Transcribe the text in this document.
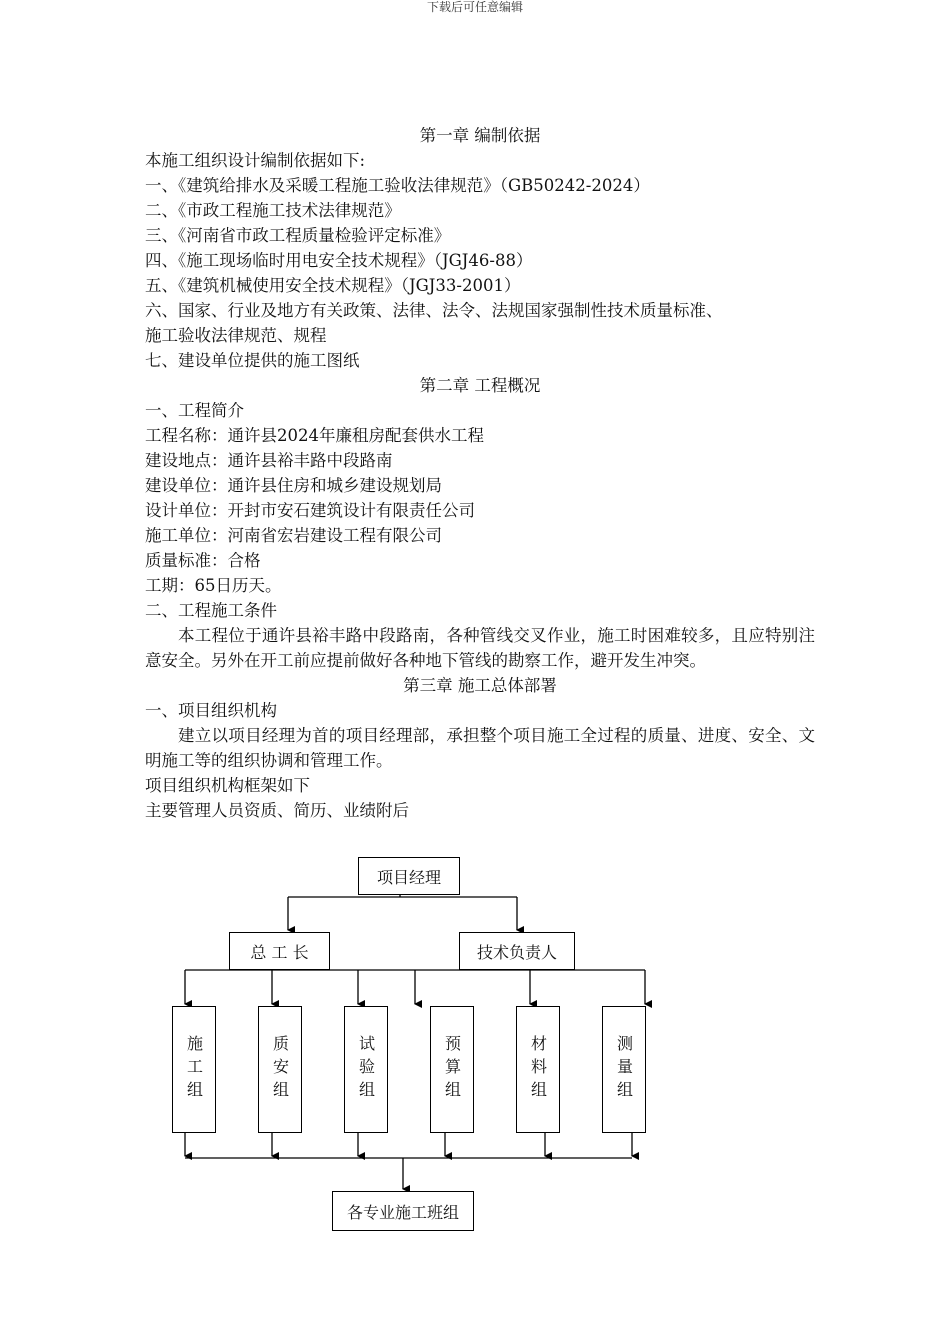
下载后可任意编辑

第一章 编制依据

本施工组织设计编制依据如下:

一、《建筑给排水及采暖工程施工验收法律规范》（GB50242-2024）

二、《市政工程施工技术法律规范》

三、《河南省市政工程质量检验评定标准》

四、《施工现场临时用电安全技术规程》（JGJ46-88）

五、《建筑机械使用安全技术规程》（JGJ33-2001）

六、国家、行业及地方有关政策、法律、法令、法规国家强制性技术质量标准、

施工验收法律规范、规程

七、建设单位提供的施工图纸

第二章 工程概况

一、工程简介

工程名称：通许县2024年廉租房配套供水工程

建设地点：通许县裕丰路中段路南

建设单位：通许县住房和城乡建设规划局

设计单位：开封市安石建筑设计有限责任公司

施工单位：河南省宏岩建设工程有限公司

质量标准：合格

工期：65日历天。

二、工程施工条件

本工程位于通许县裕丰路中段路南，各种管线交叉作业，施工时困难较多，且应特别注意安全。另外在开工前应提前做好各种地下管线的勘察工作，避开发生冲突。

第三章 施工总体部署

一、项目组织机构

建立以项目经理为首的项目经理部，承担整个项目施工全过程的质量、进度、安全、文明施工等的组织协调和管理工作。

项目组织机构框架如下

主要管理人员资质、简历、业绩附后

项目经理
总 工 长	技术负责人
施工组	质安组	试验组	预算组	材料组	测量组
各专业施工班组
